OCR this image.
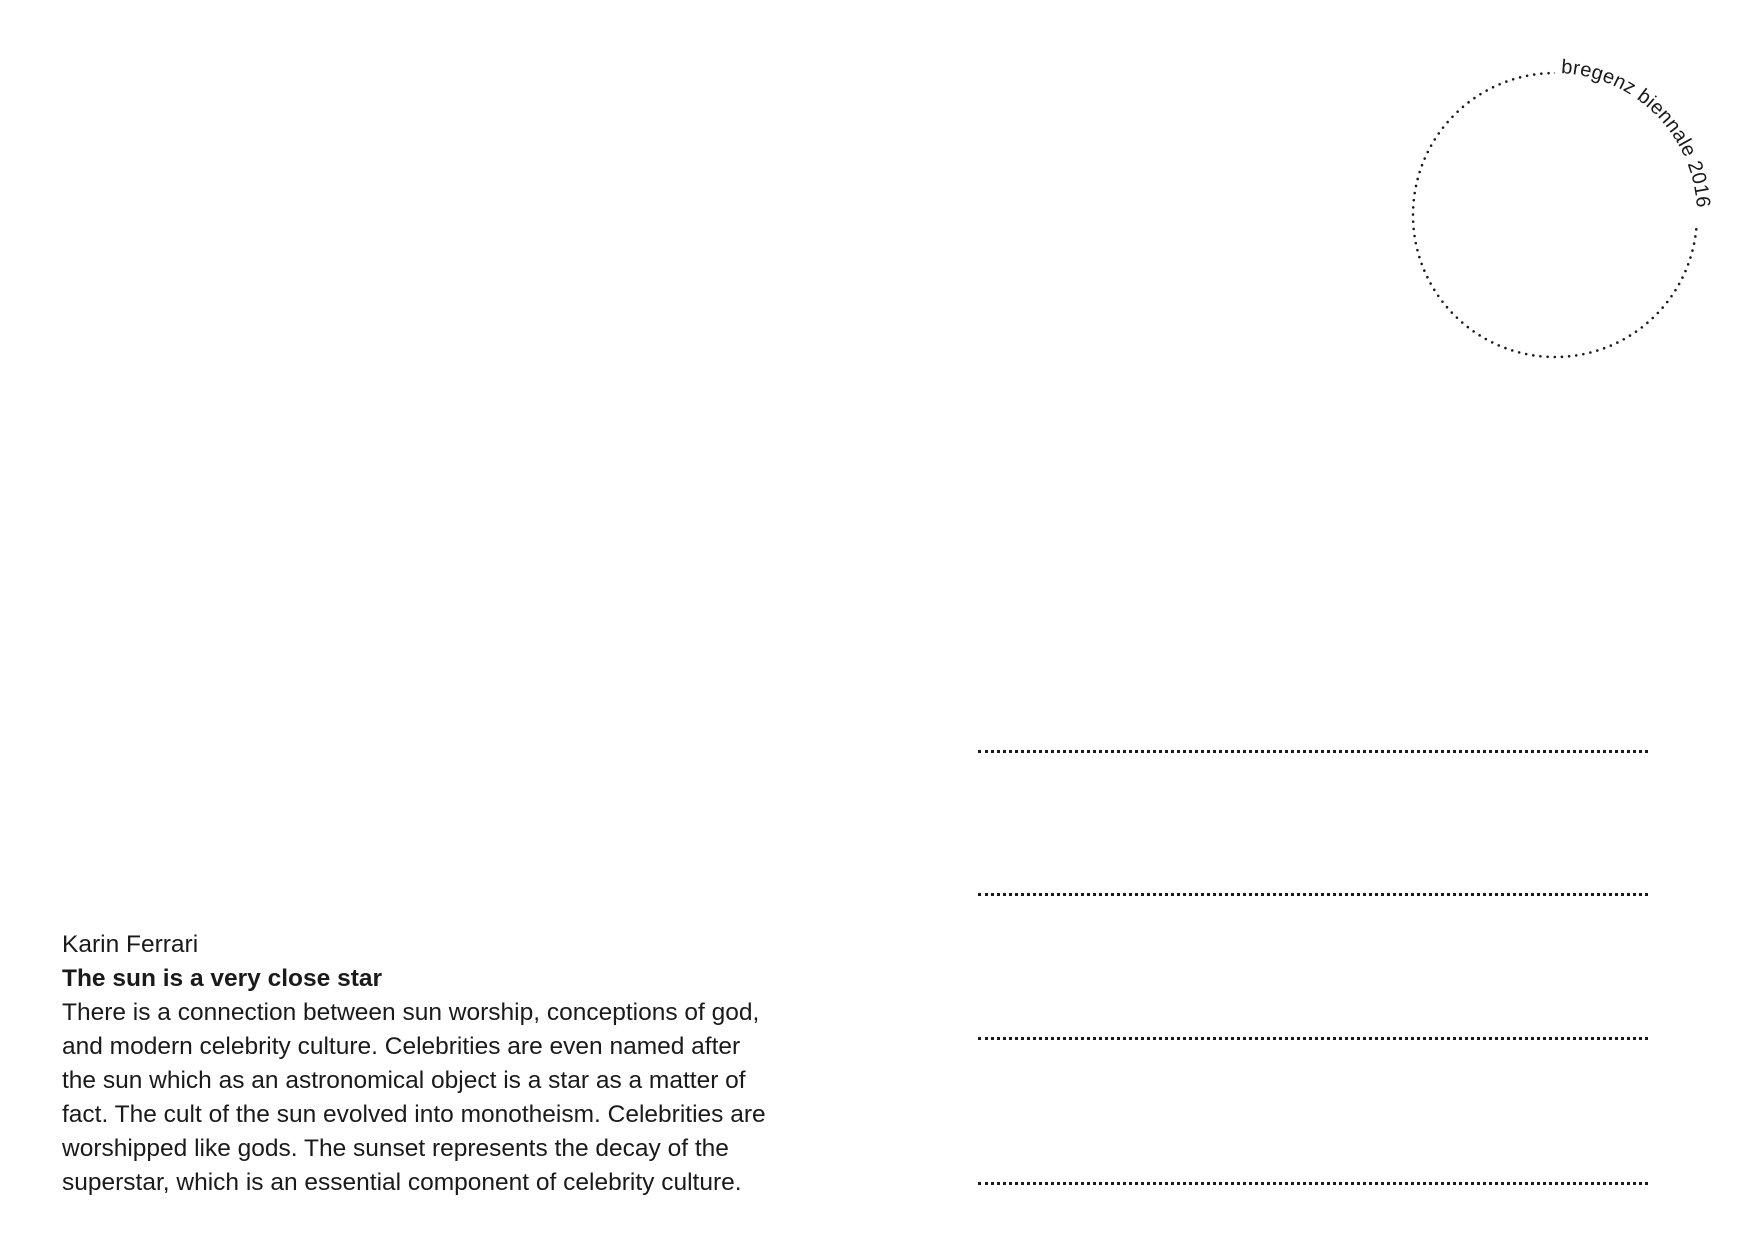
bregenz biennale 2016
Karin Ferrari
The sun is a very close star
There is a connection between sun worship, conceptions of god,
and modern celebrity culture. Celebrities are even named after
the sun which as an astronomical object is a star as a matter of
fact. The cult of the sun evolved into monotheism. Celebrities are
worshipped like gods. The sunset represents the decay of the
superstar, which is an essential component of celebrity culture.
